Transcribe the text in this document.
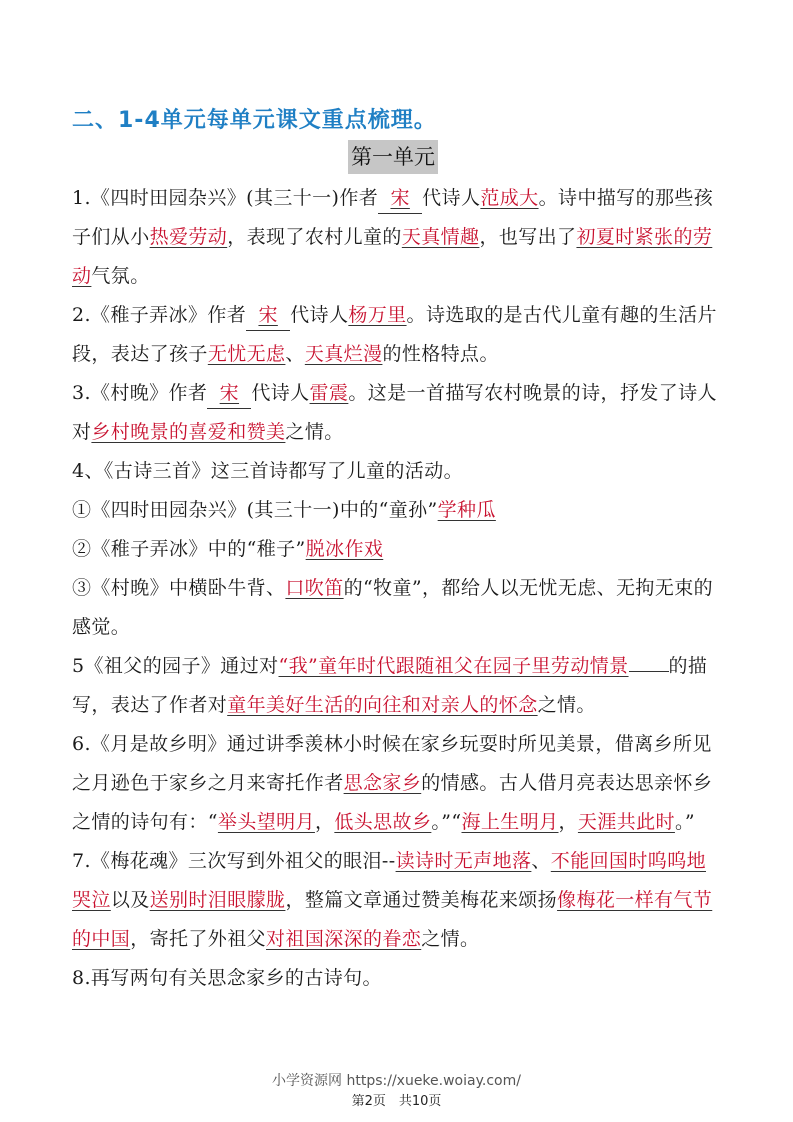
二、1-4单元每单元课文重点梳理。
第一单元

1.《四时田园杂兴》(其三十一)作者 宋 代诗人范成大。诗中描写的那些孩子们从小热爱劳动，表现了农村儿童的天真情趣，也写出了初夏时紧张的劳动气氛。

2.《稚子弄冰》作者 宋 代诗人杨万里。诗选取的是古代儿童有趣的生活片段，表达了孩子无忧无虑、天真烂漫的性格特点。

3.《村晚》作者 宋 代诗人雷震。这是一首描写农村晚景的诗，抒发了诗人对乡村晚景的喜爱和赞美之情。

4、《古诗三首》这三首诗都写了儿童的活动。

①《四时田园杂兴》(其三十一)中的“童孙”学种瓜

②《稚子弄冰》中的“稚子”脱冰作戏

③《村晚》中横卧牛背、口吹笛的“牧童”，都给人以无忧无虑、无拘无束的感觉。

5《祖父的园子》通过对“我”童年时代跟随祖父在园子里劳动情景 的描写，表达了作者对童年美好生活的向往和对亲人的怀念之情。

6.《月是故乡明》通过讲季羡林小时候在家乡玩耍时所见美景，借离乡所见之月逊色于家乡之月来寄托作者思念家乡的情感。古人借月亮表达思亲怀乡之情的诗句有：“举头望明月，低头思故乡。”“海上生明月，天涯共此时。”

7.《梅花魂》三次写到外祖父的眼泪--读诗时无声地落、不能回国时呜呜地哭泣以及送别时泪眼朦胧，整篇文章通过赞美梅花来颂扬像梅花一样有气节的中国，寄托了外祖父对祖国深深的眷恋之情。

8.再写两句有关思念家乡的古诗句。

小学资源网 https://xueke.woiay.com/
第2页　共10页
